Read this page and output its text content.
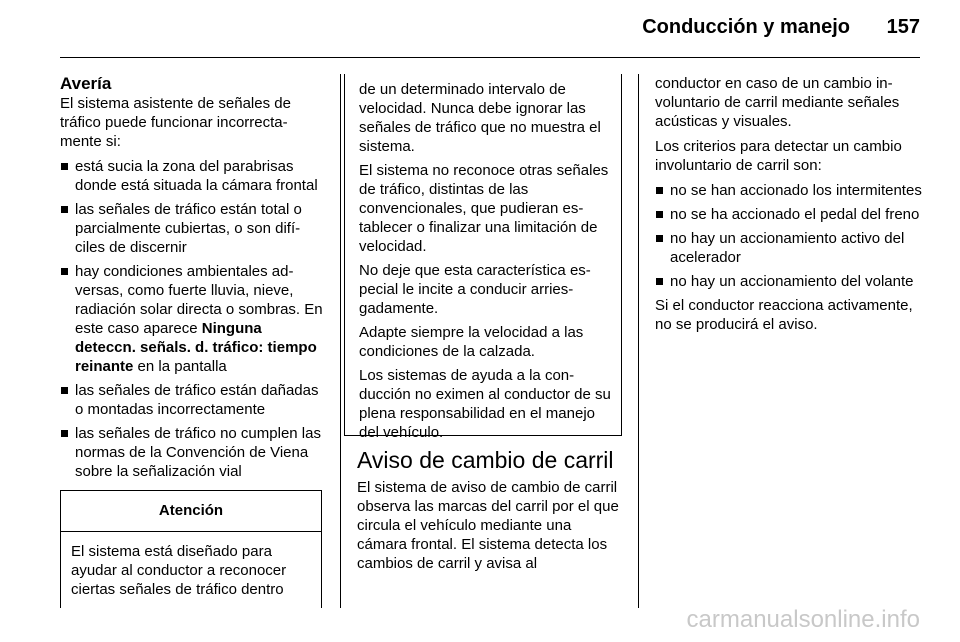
Conducción y manejo 157
Avería

El sistema asistente de señales de tráfico puede funcionar incorrectamente si:

está sucia la zona del parabrisas donde está situada la cámara frontal
las señales de tráfico están total o parcialmente cubiertas, o son difíciles de discernir
hay condiciones ambientales adversas, como fuerte lluvia, nieve, radiación solar directa o sombras. En este caso aparece Ninguna deteccn. señals. d. tráfico: tiempo reinante en la pantalla
las señales de tráfico están dañadas o montadas incorrectamente
las señales de tráfico no cumplen las normas de la Convención de Viena sobre la señalización vial
Atención
El sistema está diseñado para ayudar al conductor a reconocer ciertas señales de tráfico dentro

de un determinado intervalo de velocidad. Nunca debe ignorar las señales de tráfico que no muestra el sistema.

El sistema no reconoce otras señales de tráfico, distintas de las convencionales, que pudieran establecer o finalizar una limitación de velocidad.

No deje que esta característica especial le incite a conducir arriesgadamente.

Adapte siempre la velocidad a las condiciones de la calzada.

Los sistemas de ayuda a la conducción no eximen al conductor de su plena responsabilidad en el manejo del vehículo.

Aviso de cambio de carril

El sistema de aviso de cambio de carril observa las marcas del carril por el que circula el vehículo mediante una cámara frontal. El sistema detecta los cambios de carril y avisa al

conductor en caso de un cambio involuntario de carril mediante señales acústicas y visuales.

Los criterios para detectar un cambio involuntario de carril son:

no se han accionado los intermitentes
no se ha accionado el pedal del freno
no hay un accionamiento activo del acelerador
no hay un accionamiento del volante

Si el conductor reacciona activamente, no se producirá el aviso.

carmanualsonline.info
